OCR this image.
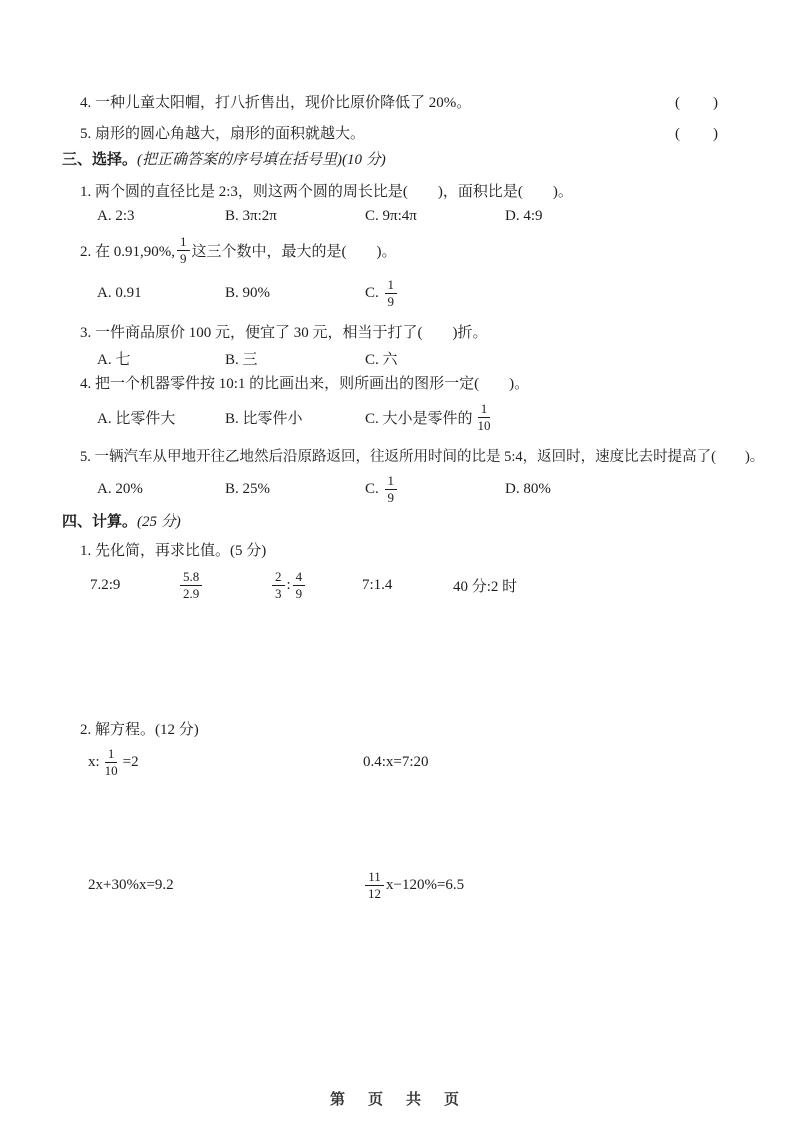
4. 一种儿童太阳帽，打八折售出，现价比原价降低了 20%。	(　　)
5. 扇形的圆心角越大，扇形的面积就越大。	(　　)
三、选择。(把正确答案的序号填在括号里)(10 分)
1. 两个圆的直径比是 2:3，则这两个圆的周长比是(　　)，面积比是(　　)。
A. 2:3	B. 3π:2π	C. 9π:4π	D. 4:9
2. 在 0.91,90%, $\frac{1}{9}$ 这三个数中，最大的是(　　)。
A. 0.91	B. 90%	C.
$\frac{1}{9}$
3. 一件商品原价 100 元，便宜了 30 元，相当于打了(　　)折。
A. 七	B. 三	C. 六
4. 把一个机器零件按 10:1 的比画出来，则所画出的图形一定(　　)。
A. 比零件大	B. 比零件小	C. 大小是零件的 $\frac{1}{10}$
5. 一辆汽车从甲地开往乙地然后沿原路返回，往返所用时间的比是 5:4，返回时，速度比去时提高了(　　)。
A. 20%	B. 25%	C.
$\frac{1}{9}$	D. 80%
四、计算。(25 分)
1. 先化简，再求比值。(5 分)
7.2:9	$\frac{5.8}{2.9}$	$\frac{2}{3}$ : $\frac{4}{9}$	7:1.4	40 分:2 时
2. 解方程。(12 分)
x: $\frac{1}{10} =2$	0.4:x=7:20
2x+30%x=9.2	$\frac{11}{12} x-120\%=6.5$
第　页　共　页
